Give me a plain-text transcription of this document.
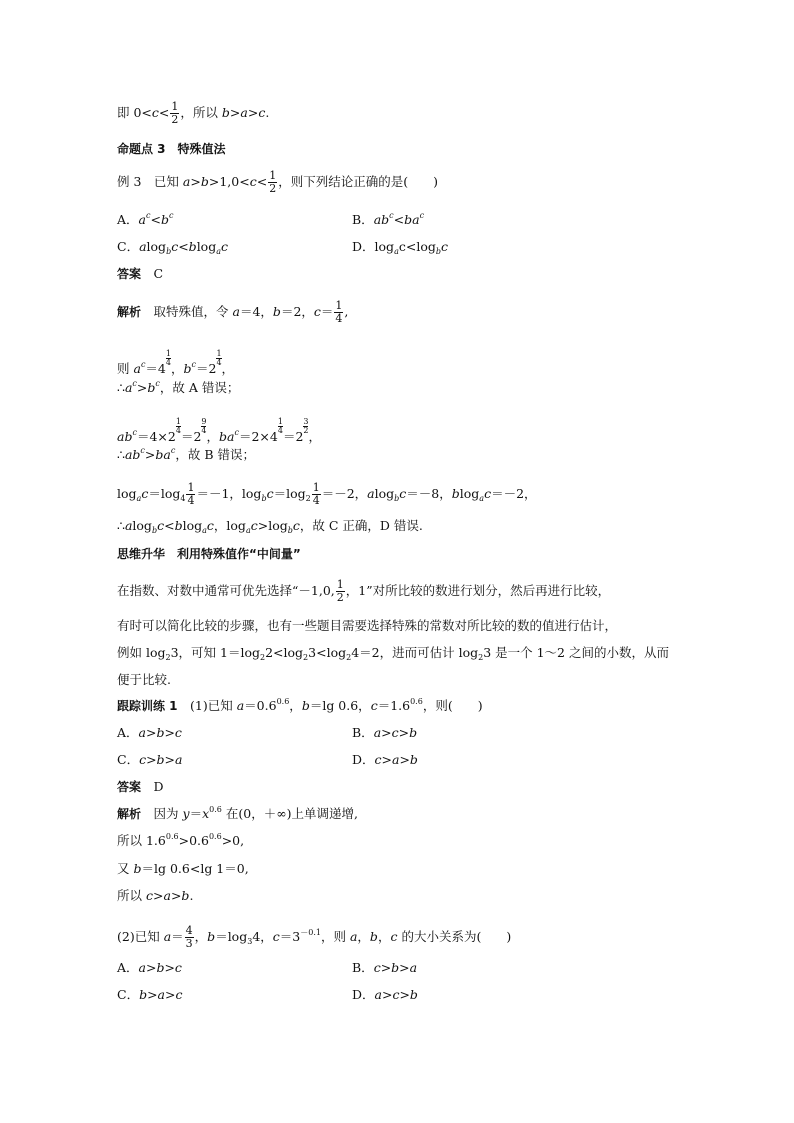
即 $0<c< \frac{1}{2}$ ，所以 b>a>c.
命题点 3　特殊值法
例 3　已知 $a>b>1,0<c< \frac{1}{2}$ ，则下列结论正确的是(　　)
A．$a^c<b^c$	B．$ab^c<ba^c$
C．alog$_b$c<blog$_a$c	D．$\log_ac<\log_bc$
答案　 C
解析　 取特殊值，令 a＝4，b＝2，$c= \frac{1}{4}$ ,
则 $a^c=4$
$\frac{1}{4}$
，$b^c=2$
$\frac{1}{4}$
，
$\therefore a^c>b^c$，故 A 错误；
$ab^c=4\times 2$
$\frac{1}{4}$
＝2
$\frac{9}{4}$
，$ba^c=2\times 4$
$\frac{1}{4}$
＝2
$\frac{3}{2}$
，
$\therefore ab^c>ba^c$，故 B 错误；
$\log_ac=\log_4 \frac{1}{4} =-1$，$\log_bc=\log_2 \frac{1}{4} =-2$，alog$_b$c＝－8，blog$_a$c＝－2，
∴alog$_b$c<blog$_a$c，$\log_ac>\log_bc$，故 C 正确，D 错误.
思维升华　利用特殊值作“中间量”
在指数、对数中通常可优先选择“－1,0, $\frac{1}{2}$ ，1”对所比较的数进行划分，然后再进行比较，
有时可以简化比较的步骤，也有一些题目需要选择特殊的常数对所比较的数的值进行估计，
例如 $\log_23$，可知 $1=\log_22<\log_23<\log_24=2$，进而可估计 $\log_23$ 是一个 1～2 之间的小数，从而
便于比较.
跟踪训练 1　(1)已知 $a=0.6^{0.6}$，b＝lg 0.6，$c=1.6^{0.6}$，则(　　)
A．a>b>c	B．a>c>b
C．c>b>a	D．c>a>b
答案　 D
解析　 因为 $y=x^{0.6}$ 在(0，＋∞)上单调递增,
所以 $1.6^{0.6}>0.6^{0.6}>0$,
又 b＝lg 0.6<lg 1＝0,
所以 c>a>b.
(2)已知 $a= \frac{4}{3}$ ，$b=\log_34$，$c=3^{-0.1}$，则 a，b，c 的大小关系为(　　)
A．a>b>c	B．c>b>a
C．b>a>c	D．a>c>b
